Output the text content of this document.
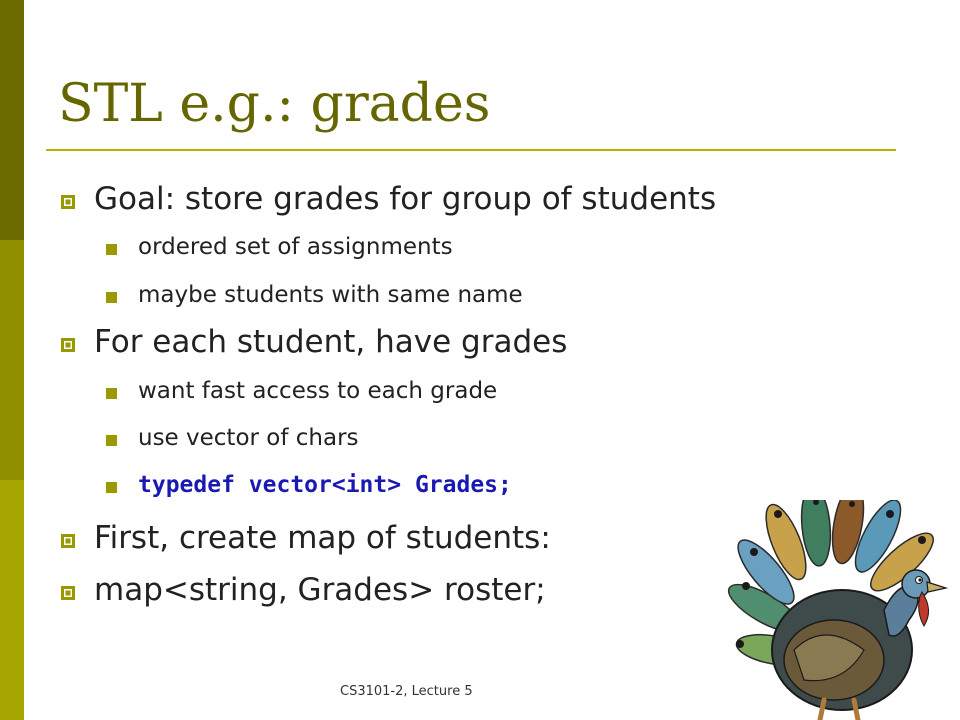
STL e.g.: grades
Goal: store grades for group of students
ordered set of assignments
maybe students with same name
For each student, have grades
want fast access to each grade
use vector of chars
typedef vector<int> Grades;
First, create map of students:
map<string, Grades> roster;
CS3101-2, Lecture 5
